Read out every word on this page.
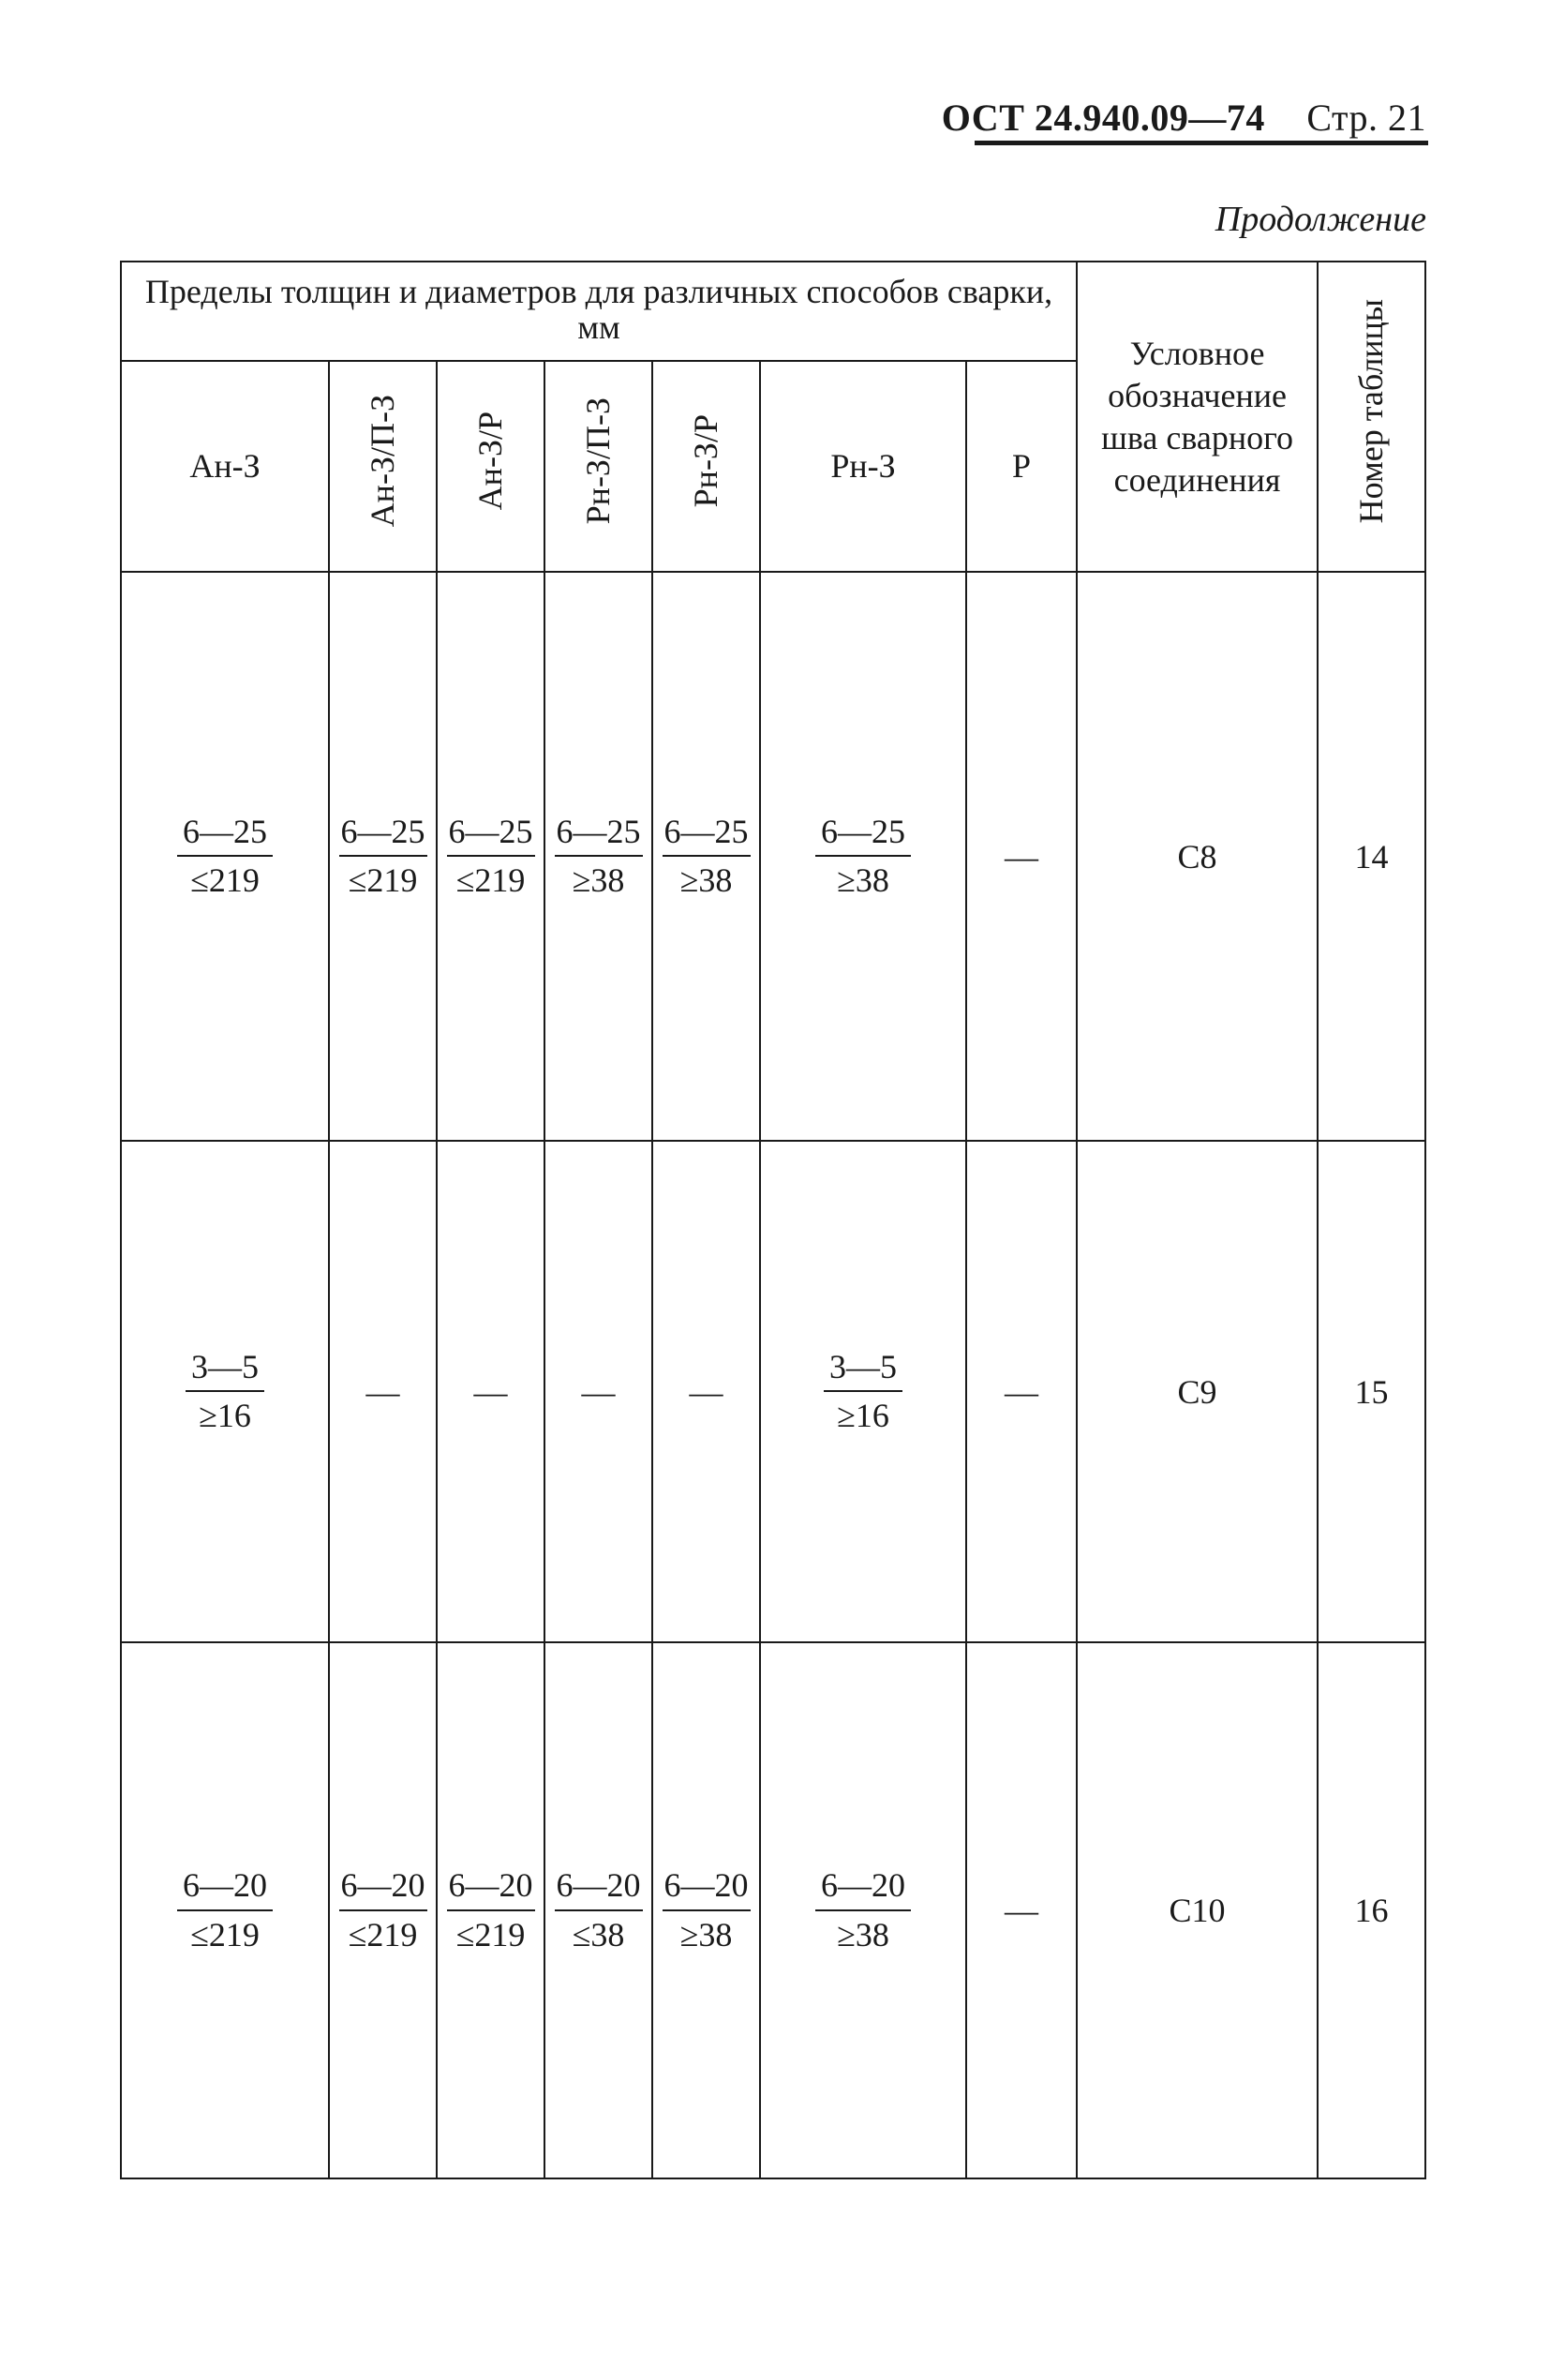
ОСТ 24.940.09—74 Стр. 21
Продолжение
Пределы толщин и диаметров для различных способов сварки, мм							Условное обозначение шва сварного соединения	Номер таблицы
Ан-З	Ан-З/П-З	Ан-З/Р	Рн-З/П-З	Рн-З/Р	Рн-З	Р		

$\frac{6—25}{\le 219}$	$\frac{6—25}{\le 219}$	$\frac{6—25}{\le 219}$	$\frac{6—25}{\ge 38}$	$\frac{6—25}{\ge 38}$	$\frac{6—25}{\ge 38}$	—	С8	14

$\frac{3—5}{\ge 16}$	—	—	—	—	$\frac{3—5}{\ge 16}$	—	С9	15

$\frac{6—20}{\le 219}$	$\frac{6—20}{\le 219}$	$\frac{6—20}{\le 219}$	$\frac{6—20}{\le 38}$	$\frac{6—20}{\ge 38}$	$\frac{6—20}{\ge 38}$	—	С10	16
